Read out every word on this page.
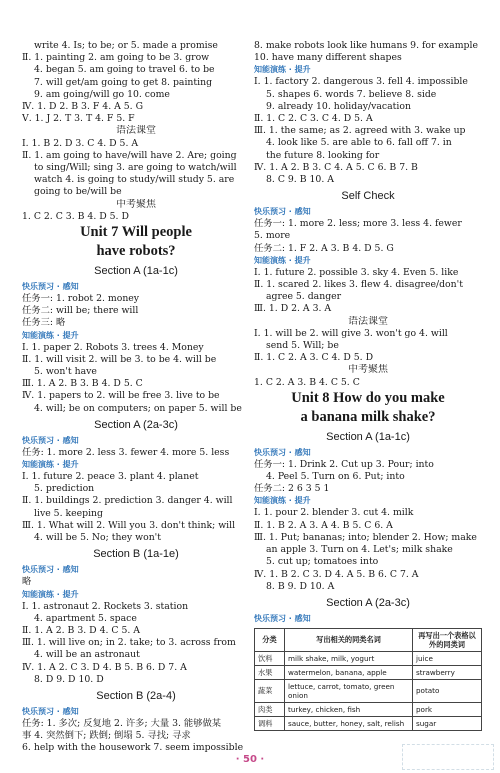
write 4. Is; to be; or 5. made a promise
Ⅱ. 1. painting 2. am going to be 3. grow
4. began 5. am going to travel 6. to be
7. will get/am going to get 8. painting
9. am going/will go 10. come
Ⅳ. 1. D 2. B 3. F 4. A 5. G
Ⅴ. 1. J 2. T 3. T 4. F 5. F
语法课堂
Ⅰ. 1. B 2. D 3. C 4. D 5. A
Ⅱ. 1. am going to have/will have 2. Are; going
to sing/Will; sing 3. are going to watch/will
watch 4. is going to study/will study 5. are
going to be/will be
中考聚焦
1. C 2. C 3. B 4. D 5. D
Unit 7 Will people
have robots?
Section A (1a-1c)
快乐预习 · 感知
任务一: 1. robot 2. money
任务二: will be; there will
任务三: 略
知能演练 · 提升
Ⅰ. 1. paper 2. Robots 3. trees 4. Money
Ⅱ. 1. will visit 2. will be 3. to be 4. will be
5. won't have
Ⅲ. 1. A 2. B 3. B 4. D 5. C
Ⅳ. 1. papers to 2. will be free 3. live to be
4. will; be on computers; on paper 5. will be
Section A (2a-3c)
快乐预习 · 感知
任务: 1. more 2. less 3. fewer 4. more 5. less
知能演练 · 提升
Ⅰ. 1. future 2. peace 3. plant 4. planet
5. prediction
Ⅱ. 1. buildings 2. prediction 3. danger 4. will
live 5. keeping
Ⅲ. 1. What will 2. Will you 3. don't think; will
4. will be 5. No; they won't
Section B (1a-1e)
快乐预习 · 感知
略
知能演练 · 提升
Ⅰ. 1. astronaut 2. Rockets 3. station
4. apartment 5. space
Ⅱ. 1. A 2. B 3. D 4. C 5. A
Ⅲ. 1. will live on; in 2. take; to 3. across from
4. will be an astronaut
Ⅳ. 1. A 2. C 3. D 4. B 5. B 6. D 7. A
8. D 9. D 10. D
Section B (2a-4)
快乐预习 · 感知
任务: 1. 多次; 反复地 2. 许多; 大量 3. 能够做某
事 4. 突然倒下; 跌倒; 倒塌 5. 寻找; 寻求
6. help with the housework 7. seem impossible
8. make robots look like humans 9. for example
10. have many different shapes
知能演练 · 提升
Ⅰ. 1. factory 2. dangerous 3. fell 4. impossible
5. shapes 6. words 7. believe 8. side
9. already 10. holiday/vacation
Ⅱ. 1. C 2. C 3. C 4. D 5. A
Ⅲ. 1. the same; as 2. agreed with 3. wake up
4. look like 5. are able to 6. fall off 7. in
the future 8. looking for
Ⅳ. 1. A 2. B 3. C 4. A 5. C 6. B 7. B
8. C 9. B 10. A
Self Check
快乐预习 · 感知
任务一: 1. more 2. less; more 3. less 4. fewer
5. more
任务二: 1. F 2. A 3. B 4. D 5. G
知能演练 · 提升
Ⅰ. 1. future 2. possible 3. sky 4. Even 5. like
Ⅱ. 1. scared 2. likes 3. flew 4. disagree/don't
agree 5. danger
Ⅲ. 1. D 2. A 3. A
语法课堂
Ⅰ. 1. will be 2. will give 3. won't go 4. will
send 5. Will; be
Ⅱ. 1. C 2. A 3. C 4. D 5. D
中考聚焦
1. C 2. A 3. B 4. C 5. C
Unit 8 How do you make
a banana milk shake?
Section A (1a-1c)
快乐预习 · 感知
任务一: 1. Drink 2. Cut up 3. Pour; into
4. Peel 5. Turn on 6. Put; into
任务二: 2 6 3 5 1
知能演练 · 提升
Ⅰ. 1. pour 2. blender 3. cut 4. milk
Ⅱ. 1. B 2. A 3. A 4. B 5. C 6. A
Ⅲ. 1. Put; bananas; into; blender 2. How; make
an apple 3. Turn on 4. Let's; milk shake
5. cut up; tomatoes into
Ⅳ. 1. B 2. C 3. D 4. A 5. B 6. C 7. A
8. B 9. D 10. A
Section A (2a-3c)
快乐预习 · 感知
分类	写出相关的同类名词	再写出一个表格以外的同类词
饮料	milk shake, milk, yogurt	juice
水果	watermelon, banana, apple	strawberry
蔬菜	lettuce, carrot, tomato, green onion	potato
肉类	turkey, chicken, fish	pork
调料	sauce, butter, honey, salt, relish	sugar
· 50 ·
